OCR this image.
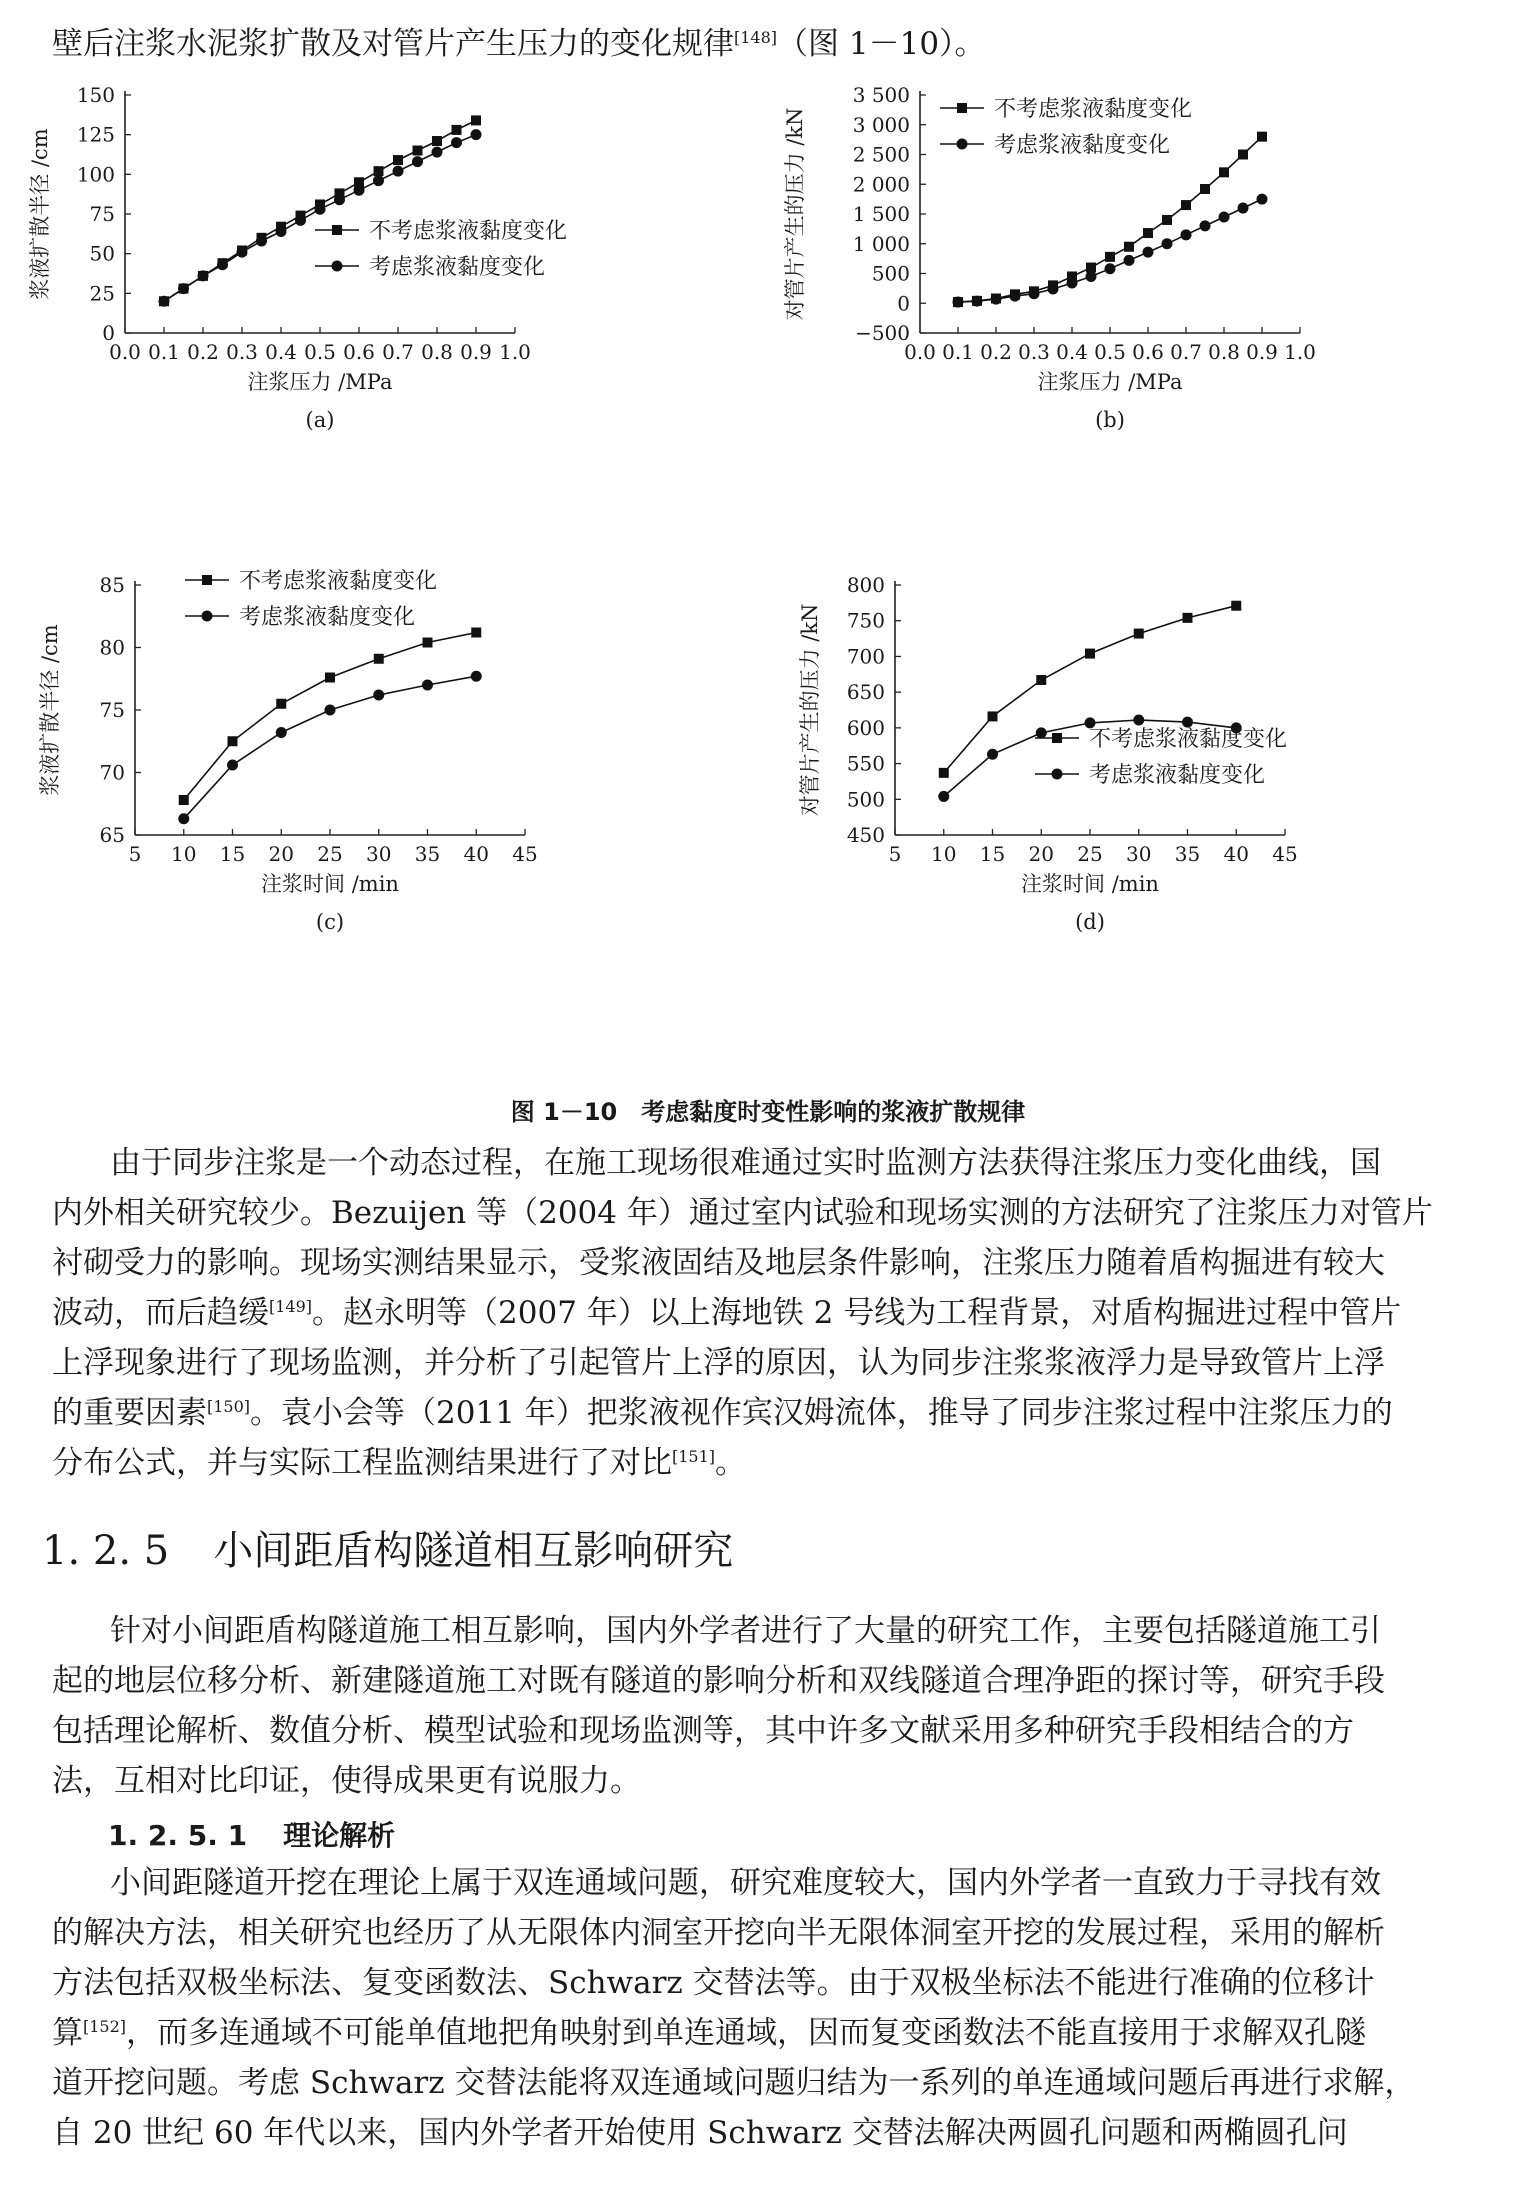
壁后注浆水泥浆扩散及对管片产生压力的变化规律[148]（图 1－10）。
0.0 0.1 0.2 0.3 0.4 0.5 0.6 0.7 0.8 0.9 1.0
0
25
50
75
100
125
150
注浆压力 /MPa
浆液扩散半径 /cm
(a)
不考虑浆液黏度变化
考虑浆液黏度变化
0.0 0.1 0.2 0.3 0.4 0.5 0.6 0.7 0.8 0.9 1.0
−500
0
500
1 000
1 500
2 000
2 500
3 000
3 500
注浆压力 /MPa
对管片产生的压力 /kN
(b)
不考虑浆液黏度变化
考虑浆液黏度变化
5 10 15 20 25 30 35 40 45
65
70
75
80
85
注浆时间 /min
浆液扩散半径 /cm
(c)
不考虑浆液黏度变化
考虑浆液黏度变化
5 10 15 20 25 30 35 40 45
450
500
550
600
650
700
750
800
注浆时间 /min
对管片产生的压力 /kN
(d)
不考虑浆液黏度变化
考虑浆液黏度变化
图 1－10　考虑黏度时变性影响的浆液扩散规律
由于同步注浆是一个动态过程，在施工现场很难通过实时监测方法获得注浆压力变化曲线，国
内外相关研究较少。Bezuijen 等（2004 年）通过室内试验和现场实测的方法研究了注浆压力对管片
衬砌受力的影响。现场实测结果显示，受浆液固结及地层条件影响，注浆压力随着盾构掘进有较大
波动，而后趋缓[149]。赵永明等（2007 年）以上海地铁 2 号线为工程背景，对盾构掘进过程中管片
上浮现象进行了现场监测，并分析了引起管片上浮的原因，认为同步注浆浆液浮力是导致管片上浮
的重要因素[150]。袁小会等（2011 年）把浆液视作宾汉姆流体，推导了同步注浆过程中注浆压力的
分布公式，并与实际工程监测结果进行了对比[151]。
1. 2. 5 小间距盾构隧道相互影响研究
针对小间距盾构隧道施工相互影响，国内外学者进行了大量的研究工作，主要包括隧道施工引
起的地层位移分析、新建隧道施工对既有隧道的影响分析和双线隧道合理净距的探讨等，研究手段
包括理论解析、数值分析、模型试验和现场监测等，其中许多文献采用多种研究手段相结合的方
法，互相对比印证，使得成果更有说服力。
1. 2. 5. 1 理论解析
小间距隧道开挖在理论上属于双连通域问题，研究难度较大，国内外学者一直致力于寻找有效
的解决方法，相关研究也经历了从无限体内洞室开挖向半无限体洞室开挖的发展过程，采用的解析
方法包括双极坐标法、复变函数法、Schwarz 交替法等。由于双极坐标法不能进行准确的位移计
算[152]，而多连通域不可能单值地把角映射到单连通域，因而复变函数法不能直接用于求解双孔隧
道开挖问题。考虑 Schwarz 交替法能将双连通域问题归结为一系列的单连通域问题后再进行求解，
自 20 世纪 60 年代以来，国内外学者开始使用 Schwarz 交替法解决两圆孔问题和两椭圆孔问
